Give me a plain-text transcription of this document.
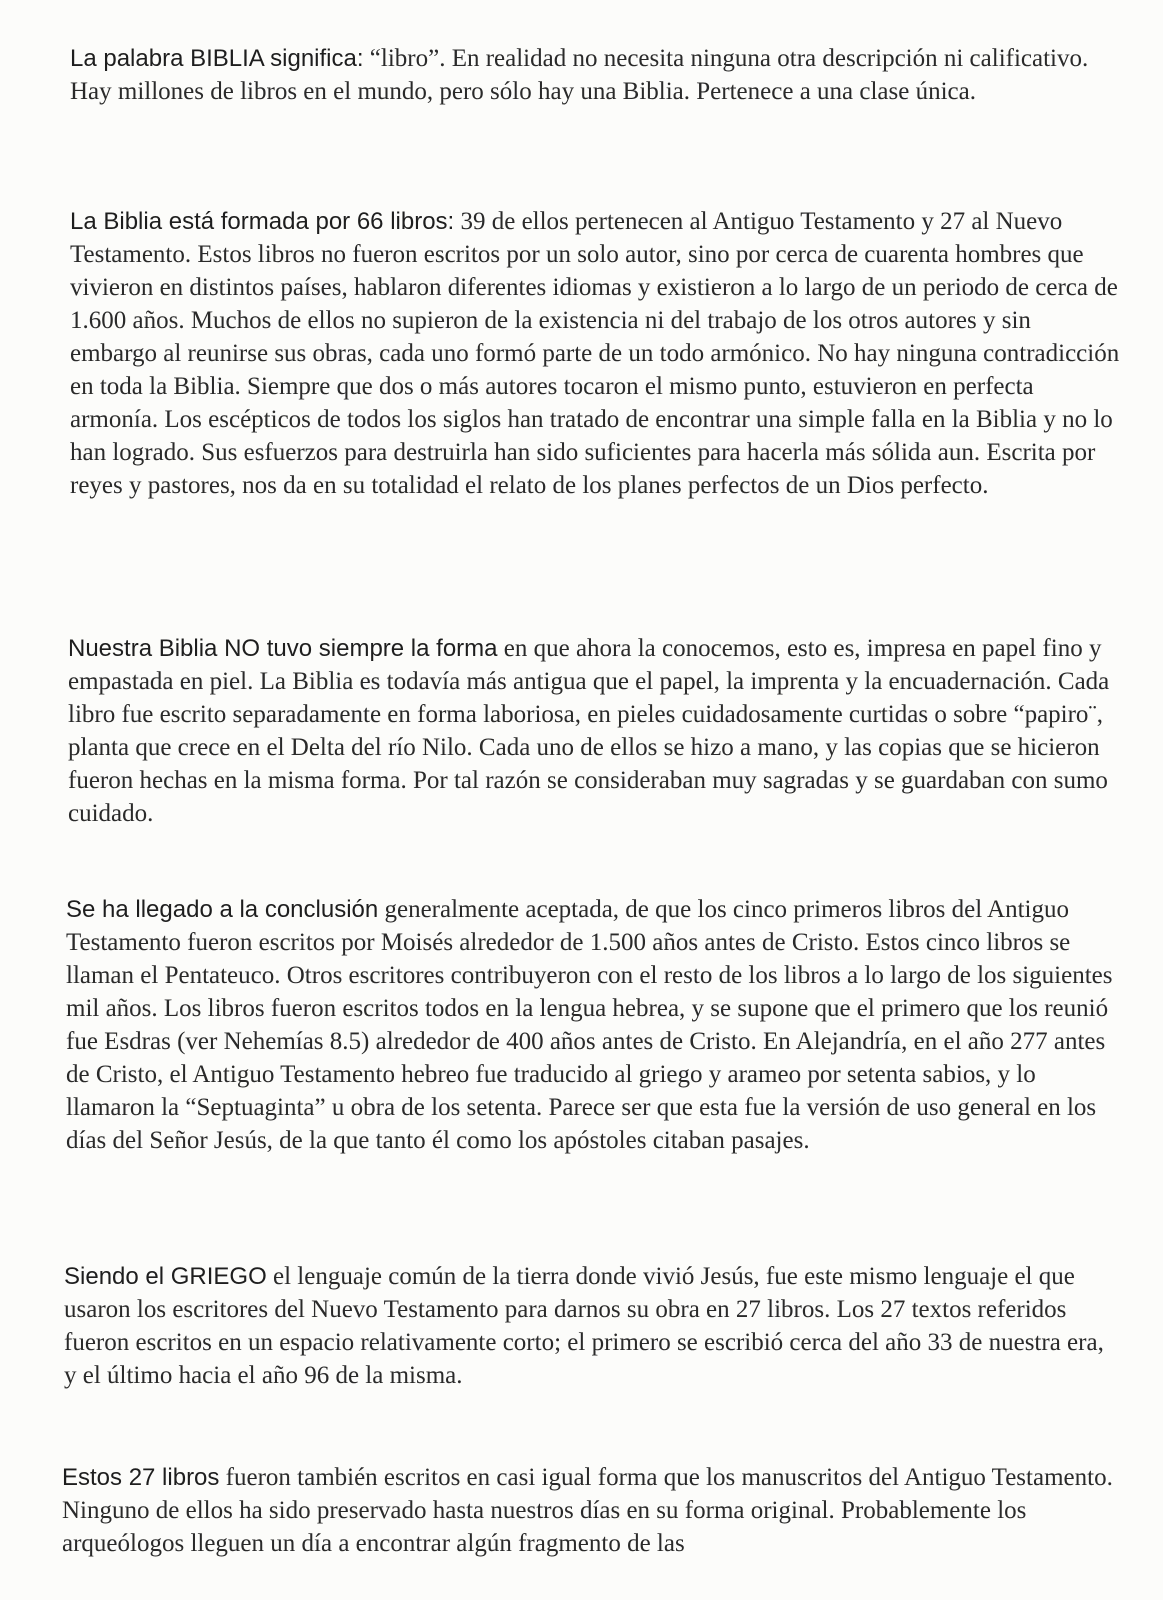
La palabra BIBLIA significa: “libro”. En realidad no necesita ninguna otra descripción ni calificativo. Hay millones de libros en el mundo, pero sólo hay una Biblia. Pertenece a una clase única.

La Biblia está formada por 66 libros: 39 de ellos pertenecen al Antiguo Testamento y 27 al Nuevo Testamento. Estos libros no fueron escritos por un solo autor, sino por cerca de cuarenta hombres que vivieron en distintos países, hablaron diferentes idiomas y existieron a lo largo de un periodo de cerca de 1.600 años. Muchos de ellos no supieron de la existencia ni del trabajo de los otros autores y sin embargo al reunirse sus obras, cada uno formó parte de un todo armónico. No hay ninguna contradicción en toda la Biblia. Siempre que dos o más autores tocaron el mismo punto, estuvieron en perfecta armonía. Los escépticos de todos los siglos han tratado de encontrar una simple falla en la Biblia y no lo han logrado. Sus esfuerzos para destruirla han sido suficientes para hacerla más sólida aun. Escrita por reyes y pastores, nos da en su totalidad el relato de los planes perfectos de un Dios perfecto.

Nuestra Biblia NO tuvo siempre la forma en que ahora la conocemos, esto es, impresa en papel fino y empastada en piel. La Biblia es todavía más antigua que el papel, la imprenta y la encuadernación. Cada libro fue escrito separadamente en forma laboriosa, en pieles cuidadosamente curtidas o sobre “papiro¨, planta que crece en el Delta del río Nilo. Cada uno de ellos se hizo a mano, y las copias que se hicieron fueron hechas en la misma forma. Por tal razón se consideraban muy sagradas y se guardaban con sumo cuidado.

Se ha llegado a la conclusión generalmente aceptada, de que los cinco primeros libros del Antiguo Testamento fueron escritos por Moisés alrededor de 1.500 años antes de Cristo. Estos cinco libros se llaman el Pentateuco. Otros escritores contribuyeron con el resto de los libros a lo largo de los siguientes mil años. Los libros fueron escritos todos en la lengua hebrea, y se supone que el primero que los reunió fue Esdras (ver Nehemías 8.5) alrededor de 400 años antes de Cristo. En Alejandría, en el año 277 antes de Cristo, el Antiguo Testamento hebreo fue traducido al griego y arameo por setenta sabios, y lo llamaron la “Septuaginta” u obra de los setenta. Parece ser que esta fue la versión de uso general en los días del Señor Jesús, de la que tanto él como los apóstoles citaban pasajes.

Siendo el GRIEGO el lenguaje común de la tierra donde vivió Jesús, fue este mismo lenguaje el que usaron los escritores del Nuevo Testamento para darnos su obra en 27 libros. Los 27 textos referidos fueron escritos en un espacio relativamente corto; el primero se escribió cerca del año 33 de nuestra era, y el último hacia el año 96 de la misma.

Estos 27 libros fueron también escritos en casi igual forma que los manuscritos del Antiguo Testamento. Ninguno de ellos ha sido preservado hasta nuestros días en su forma original. Probablemente los arqueólogos lleguen un día a encontrar algún fragmento de las
